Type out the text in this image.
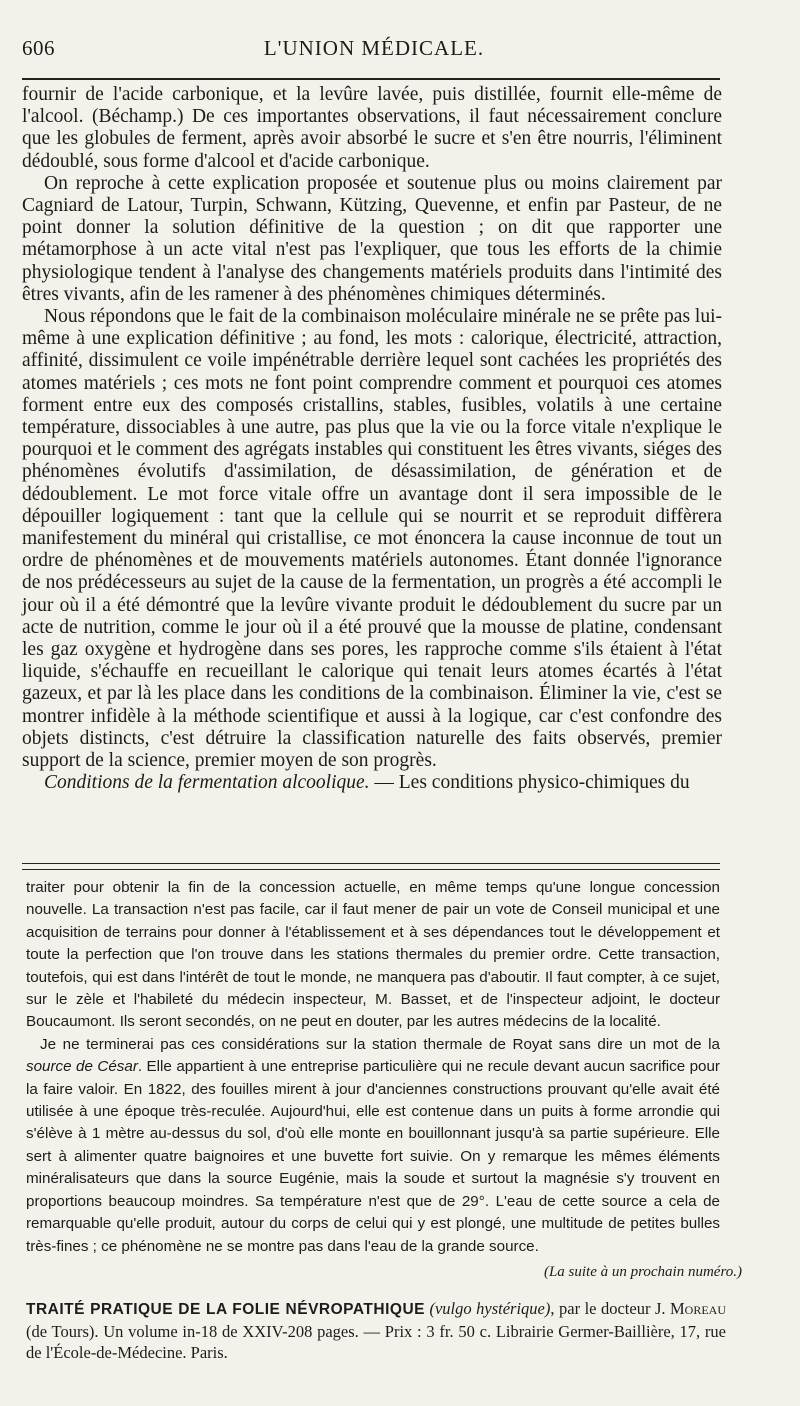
606	L'UNION MÉDICALE.

fournir de l'acide carbonique, et la levûre lavée, puis distillée, fournit elle-même de l'alcool. (Béchamp.) De ces importantes observations, il faut nécessairement conclure que les globules de ferment, après avoir absorbé le sucre et s'en être nourris, l'éliminent dédoublé, sous forme d'alcool et d'acide carbonique.

On reproche à cette explication proposée et soutenue plus ou moins clairement par Cagniard de Latour, Turpin, Schwann, Kützing, Quevenne, et enfin par Pasteur, de ne point donner la solution définitive de la question ; on dit que rapporter une métamorphose à un acte vital n'est pas l'expliquer, que tous les efforts de la chimie physiologique tendent à l'analyse des changements matériels produits dans l'intimité des êtres vivants, afin de les ramener à des phénomènes chimiques déterminés.

Nous répondons que le fait de la combinaison moléculaire minérale ne se prête pas lui-même à une explication définitive ; au fond, les mots : calorique, électricité, attraction, affinité, dissimulent ce voile impénétrable derrière lequel sont cachées les propriétés des atomes matériels ; ces mots ne font point comprendre comment et pourquoi ces atomes forment entre eux des composés cristallins, stables, fusibles, volatils à une certaine température, dissociables à une autre, pas plus que la vie ou la force vitale n'explique le pourquoi et le comment des agrégats instables qui constituent les êtres vivants, siéges des phénomènes évolutifs d'assimilation, de désassimilation, de génération et de dédoublement. Le mot force vitale offre un avantage dont il sera impossible de le dépouiller logiquement : tant que la cellule qui se nourrit et se reproduit diffèrera manifestement du minéral qui cristallise, ce mot énoncera la cause inconnue de tout un ordre de phénomènes et de mouvements matériels autonomes. Étant donnée l'ignorance de nos prédécesseurs au sujet de la cause de la fermentation, un progrès a été accompli le jour où il a été démontré que la levûre vivante produit le dédoublement du sucre par un acte de nutrition, comme le jour où il a été prouvé que la mousse de platine, condensant les gaz oxygène et hydrogène dans ses pores, les rapproche comme s'ils étaient à l'état liquide, s'échauffe en recueillant le calorique qui tenait leurs atomes écartés à l'état gazeux, et par là les place dans les conditions de la combinaison. Éliminer la vie, c'est se montrer infidèle à la méthode scientifique et aussi à la logique, car c'est confondre des objets distincts, c'est détruire la classification naturelle des faits observés, premier support de la science, premier moyen de son progrès.

Conditions de la fermentation alcoolique. — Les conditions physico-chimiques du

traiter pour obtenir la fin de la concession actuelle, en même temps qu'une longue concession nouvelle. La transaction n'est pas facile, car il faut mener de pair un vote de Conseil municipal et une acquisition de terrains pour donner à l'établissement et à ses dépendances tout le développement et toute la perfection que l'on trouve dans les stations thermales du premier ordre. Cette transaction, toutefois, qui est dans l'intérêt de tout le monde, ne manquera pas d'aboutir. Il faut compter, à ce sujet, sur le zèle et l'habileté du médecin inspecteur, M. Basset, et de l'inspecteur adjoint, le docteur Boucaumont. Ils seront secondés, on ne peut en douter, par les autres médecins de la localité.

Je ne terminerai pas ces considérations sur la station thermale de Royat sans dire un mot de la source de César. Elle appartient à une entreprise particulière qui ne recule devant aucun sacrifice pour la faire valoir. En 1822, des fouilles mirent à jour d'anciennes constructions prouvant qu'elle avait été utilisée à une époque très-reculée. Aujourd'hui, elle est contenue dans un puits à forme arrondie qui s'élève à 1 mètre au-dessus du sol, d'où elle monte en bouillonnant jusqu'à sa partie supérieure. Elle sert à alimenter quatre baignoires et une buvette fort suivie. On y remarque les mêmes éléments minéralisateurs que dans la source Eugénie, mais la soude et surtout la magnésie s'y trouvent en proportions beaucoup moindres. Sa température n'est que de 29°. L'eau de cette source a cela de remarquable qu'elle produit, autour du corps de celui qui y est plongé, une multitude de petites bulles très-fines ; ce phénomène ne se montre pas dans l'eau de la grande source.

(La suite à un prochain numéro.)
TRAITÉ PRATIQUE DE LA FOLIE NÉVROPATHIQUE (vulgo hystérique), par le docteur J. Moreau (de Tours). Un volume in-18 de XXIV-208 pages. — Prix : 3 fr. 50 c. Librairie Germer-Baillière, 17, rue de l'École-de-Médecine. Paris.
